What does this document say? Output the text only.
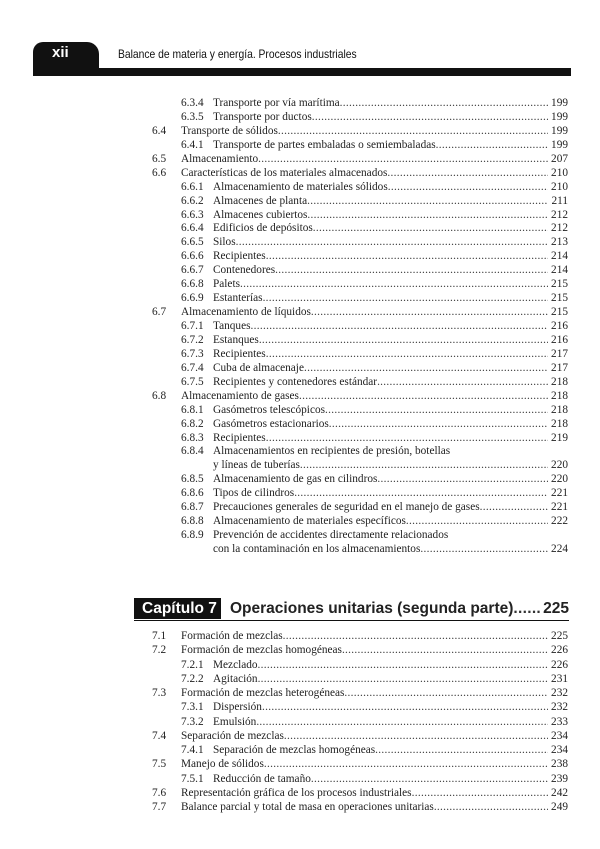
xii	Balance de materia y energía. Procesos industriales
6.3.4 Transporte por vía marítima .....	199
6.3.5 Transporte por ductos .....	199
6.4 Transporte de sólidos .....	199
6.4.1 Transporte de partes embaladas o semiembaladas .....	199
6.5 Almacenamiento .....	207
6.6 Características de los materiales almacenados .....	210
6.6.1 Almacenamiento de materiales sólidos .....	210
6.6.2 Almacenes de planta .....	211
6.6.3 Almacenes cubiertos .....	212
6.6.4 Edificios de depósitos .....	212
6.6.5 Silos .....	213
6.6.6 Recipientes .....	214
6.6.7 Contenedores .....	214
6.6.8 Palets .....	215
6.6.9 Estanterías .....	215
6.7 Almacenamiento de líquidos .....	215
6.7.1 Tanques .....	216
6.7.2 Estanques .....	216
6.7.3 Recipientes .....	217
6.7.4 Cuba de almacenaje .....	217
6.7.5 Recipientes y contenedores estándar .....	218
6.8 Almacenamiento de gases .....	218
6.8.1 Gasómetros telescópicos .....	218
6.8.2 Gasómetros estacionarios .....	218
6.8.3 Recipientes .....	219
6.8.4 Almacenamientos en recipientes de presión, botellas
y líneas de tuberías .....	220
6.8.5 Almacenamiento de gas en cilindros .....	220
6.8.6 Tipos de cilindros .....	221
6.8.7 Precauciones generales de seguridad en el manejo de gases .....	221
6.8.8 Almacenamiento de materiales específicos .....	222
6.8.9 Prevención de accidentes directamente relacionados
con la contaminación en los almacenamientos .....	224
Capítulo 7 Operaciones unitarias (segunda parte) ..... 225
7.1 Formación de mezclas .....	225
7.2 Formación de mezclas homogéneas .....	226
7.2.1 Mezclado .....	226
7.2.2 Agitación .....	231
7.3 Formación de mezclas heterogéneas .....	232
7.3.1 Dispersión .....	232
7.3.2 Emulsión .....	233
7.4 Separación de mezclas .....	234
7.4.1 Separación de mezclas homogéneas .....	234
7.5 Manejo de sólidos .....	238
7.5.1 Reducción de tamaño .....	239
7.6 Representación gráfica de los procesos industriales .....	242
7.7 Balance parcial y total de masa en operaciones unitarias .....	249
